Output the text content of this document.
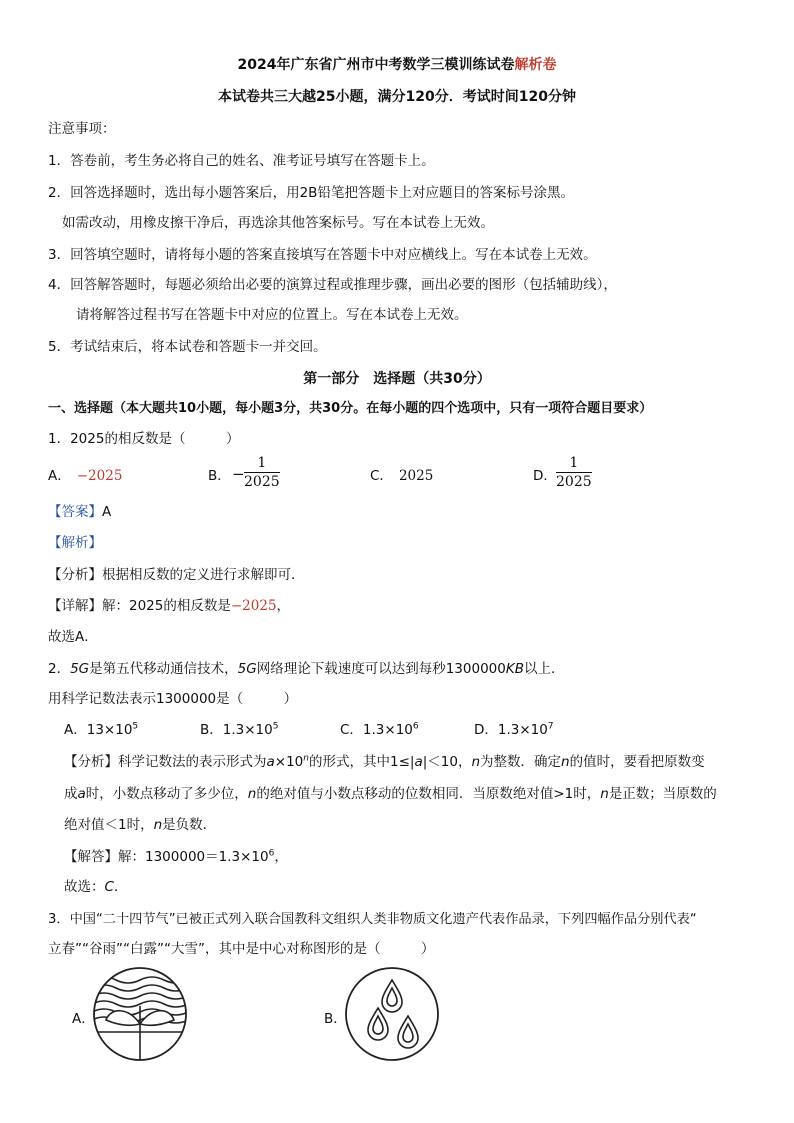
2024年广东省广州市中考数学三模训练试卷解析卷
本试卷共三大越25小题，满分120分．考试时间120分钟
注意事项：
1．答卷前，考生务必将自己的姓名、准考证号填写在答题卡上。
2．回答选择题时，选出每小题答案后，用2B铅笔把答题卡上对应题目的答案标号涂黑。
如需改动，用橡皮擦干净后，再选涂其他答案标号。写在本试卷上无效。
3．回答填空题时，请将每小题的答案直接填写在答题卡中对应横线上。写在本试卷上无效。
4．回答解答题时，每题必须给出必要的演算过程或推理步骤，画出必要的图形（包括辅助线），
请将解答过程书写在答题卡中对应的位置上。写在本试卷上无效。
5．考试结束后，将本试卷和答题卡一并交回。
第一部分　选择题（共30分）
一、选择题（本大题共10小题，每小题3分，共30分。在每小题的四个选项中，只有一项符合题目要求）
1．2025的相反数是（　　　）
A． −2025	B． −
1
2025	C． 2025	D．
1
2025
【答案】A
【解析】
【分析】根据相反数的定义进行求解即可．
【详解】解：2025的相反数是−2025，
故选A．
2．5G是第五代移动通信技术，5G网络理论下载速度可以达到每秒1300000KB以上．
用科学记数法表示1300000是（　　　）
A．$13\times 10^5$	B．$1.3\times 10^5$	C．$1.3\times 10^6$	D．$1.3\times 10^7$
【分析】科学记数法的表示形式为$a\times 10^n$的形式，其中1≤|a|＜10，n为整数．确定n的值时，要看把原数变
成a时，小数点移动了多少位，n的绝对值与小数点移动的位数相同．当原数绝对值>1时，n是正数；当原数的
绝对值＜1时，n是负数．
【解答】解：$1300000=1.3\times 10^6$，
故选：C．
3．中国“二十四节气”已被正式列入联合国教科文组织人类非物质文化遗产代表作品录，下列四幅作品分别代表“
立春”“谷雨”“白露”“大雪”，其中是中心对称图形的是（　　　）
A．	B．
